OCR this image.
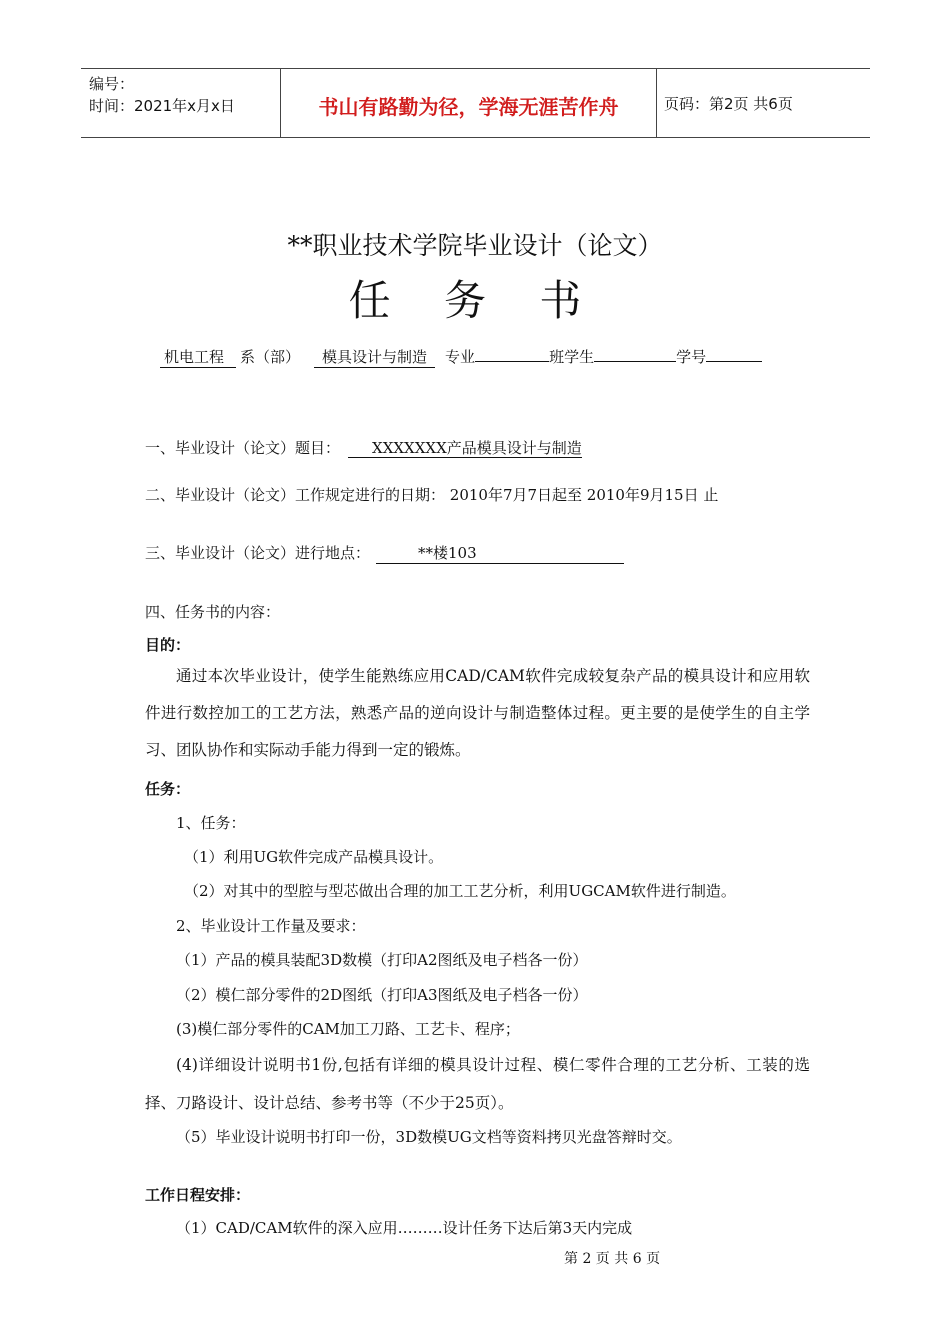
编号：
时间：2021年x月x日	书山有路勤为径，学海无涯苦作舟	页码：第2页 共6页
**职业技术学院毕业设计（论文）
任 务 书
机电工程 系（部） 模具设计与制造 专业	班学生	学号
一、毕业设计（论文）题目： XXXXXXX产品模具设计与制造
二、毕业设计（论文）工作规定进行的日期： 2010年7月7日起至 2010年9月15日 止
三、毕业设计（论文）进行地点：	**楼103
四、任务书的内容：
目的：
通过本次毕业设计，使学生能熟练应用CAD/CAM软件完成较复杂产品的模具设计和应用软件进行数控加工的工艺方法，熟悉产品的逆向设计与制造整体过程。更主要的是使学生的自主学习、团队协作和实际动手能力得到一定的锻炼。
任务：
1、任务：
（1）利用UG软件完成产品模具设计。
（2）对其中的型腔与型芯做出合理的加工工艺分析，利用UGCAM软件进行制造。
2、毕业设计工作量及要求：
（1）产品的模具装配3D数模（打印A2图纸及电子档各一份）
（2）模仁部分零件的2D图纸（打印A3图纸及电子档各一份）
(3)模仁部分零件的CAM加工刀路、工艺卡、程序；
(4)详细设计说明书1份,包括有详细的模具设计过程、模仁零件合理的工艺分析、工装的选择、刀路设计、设计总结、参考书等（不少于25页）。
（5）毕业设计说明书打印一份，3D数模UG文档等资料拷贝光盘答辩时交。
工作日程安排：
（1）CAD/CAM软件的深入应用………设计任务下达后第3天内完成
第 2 页 共 6 页
